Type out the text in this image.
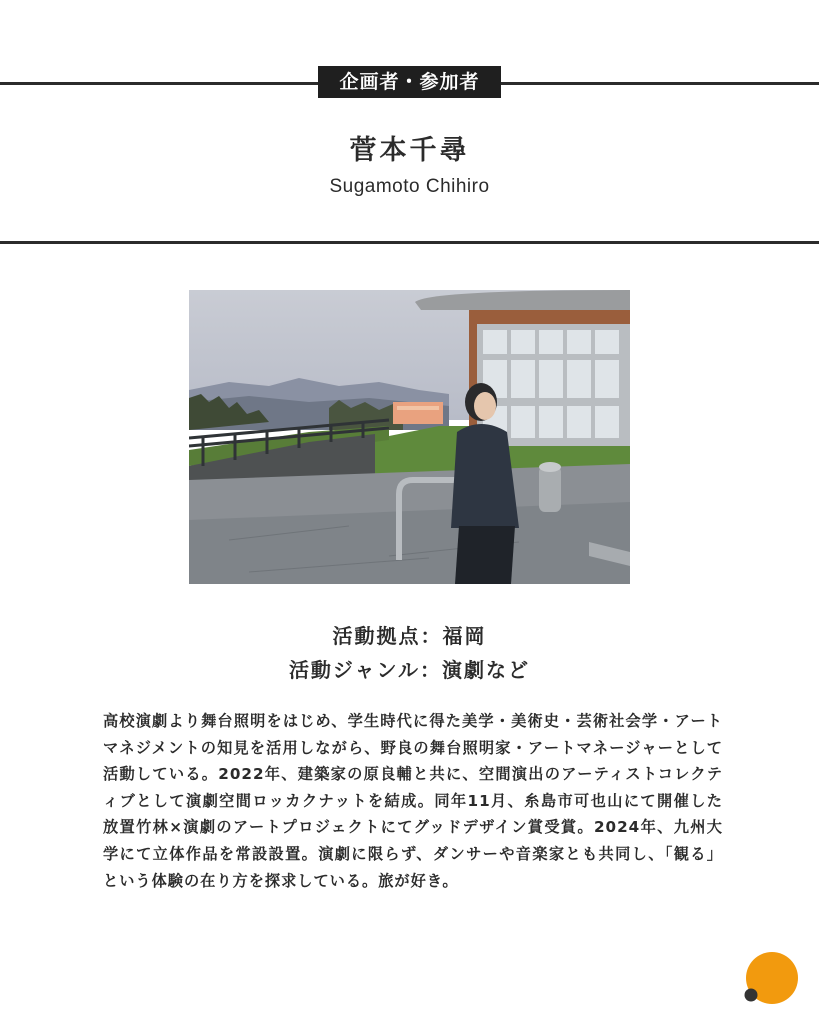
企画者・参加者
菅本千尋
Sugamoto Chihiro
活動拠点：福岡
活動ジャンル：演劇など
高校演劇より舞台照明をはじめ、学生時代に得た美学・美術史・芸術社会学・アートマネジメントの知見を活用しながら、野良の舞台照明家・アートマネージャーとして活動している。2022年、建築家の原良輔と共に、空間演出のアーティストコレクティブとして演劇空間ロッカクナットを結成。同年11月、糸島市可也山にて開催した放置竹林×演劇のアートプロジェクトにてグッドデザイン賞受賞。2024年、九州大学にて立体作品を常設設置。演劇に限らず、ダンサーや音楽家とも共同し、「観る」という体験の在り方を探求している。旅が好き。
